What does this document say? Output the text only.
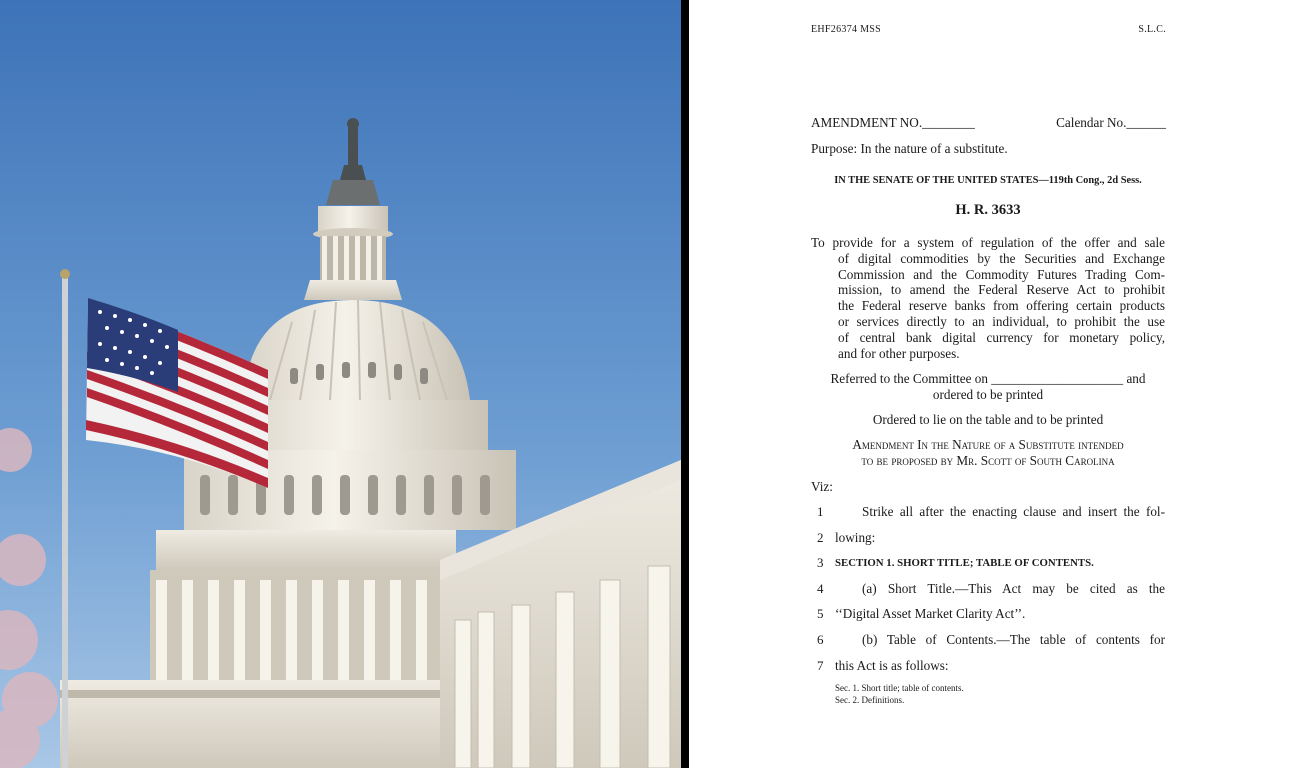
EHF26374 MSS	S.L.C.
AMENDMENT NO.________	Calendar No.______
Purpose: In the nature of a substitute.
IN THE SENATE OF THE UNITED STATES—119th Cong., 2d Sess.
H. R. 3633
To provide for a system of regulation of the offer and sale
of digital commodities by the Securities and Exchange
Commission and the Commodity Futures Trading Com-
mission, to amend the Federal Reserve Act to prohibit
the Federal reserve banks from offering certain products
or services directly to an individual, to prohibit the use
of central bank digital currency for monetary policy,
and for other purposes.
Referred to the Committee on ____________________ and
ordered to be printed
Ordered to lie on the table and to be printed
Amendment In the Nature of a Substitute intended
to be proposed by Mr. Scott of South Carolina
Viz:
1	Strike all after the enacting clause and insert the fol-
2 lowing:
3 SECTION 1. SHORT TITLE; TABLE OF CONTENTS.
4	(a) Short Title.—This Act may be cited as the
5 ‘‘Digital Asset Market Clarity Act’’.
6	(b) Table of Contents.—The table of contents for
7 this Act is as follows:
Sec. 1. Short title; table of contents.
Sec. 2. Definitions.
